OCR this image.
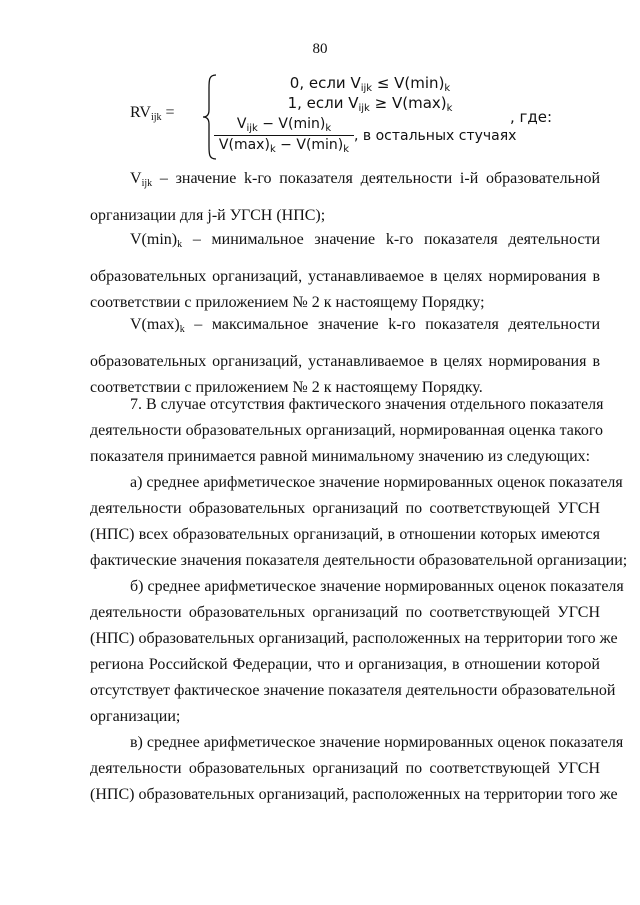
80
$RV_{ijk}$ =
0, если $V_{ijk} \le V(\min)_k$
1, если $V_{ijk} \ge V(\max)_k$
$V_{ijk} - V(\min)_k$
$V(\max)_k - V(\min)_k$
, в остальных стучаях
, где:
$V_{ijk}$ – значение k-го показателя деятельности i-й образовательной
организации для j-й УГСН (НПС);
$V(\min)_k$ – минимальное значение k-го показателя деятельности
образовательных организаций, устанавливаемое в целях нормирования в
соответствии с приложением № 2 к настоящему Порядку;
$V(\max)_k$ – максимальное значение k-го показателя деятельности
образовательных организаций, устанавливаемое в целях нормирования в
соответствии с приложением № 2 к настоящему Порядку.
7. В случае отсутствия фактического значения отдельного показателя
деятельности образовательных организаций, нормированная оценка такого
показателя принимается равной минимальному значению из следующих:
а) среднее арифметическое значение нормированных оценок показателя
деятельности образовательных организаций по соответствующей УГСН
(НПС) всех образовательных организаций, в отношении которых имеются
фактические значения показателя деятельности образовательной организации;
б) среднее арифметическое значение нормированных оценок показателя
деятельности образовательных организаций по соответствующей УГСН
(НПС) образовательных организаций, расположенных на территории того же
региона Российской Федерации, что и организация, в отношении которой
отсутствует фактическое значение показателя деятельности образовательной
организации;
в) среднее арифметическое значение нормированных оценок показателя
деятельности образовательных организаций по соответствующей УГСН
(НПС) образовательных организаций, расположенных на территории того же
